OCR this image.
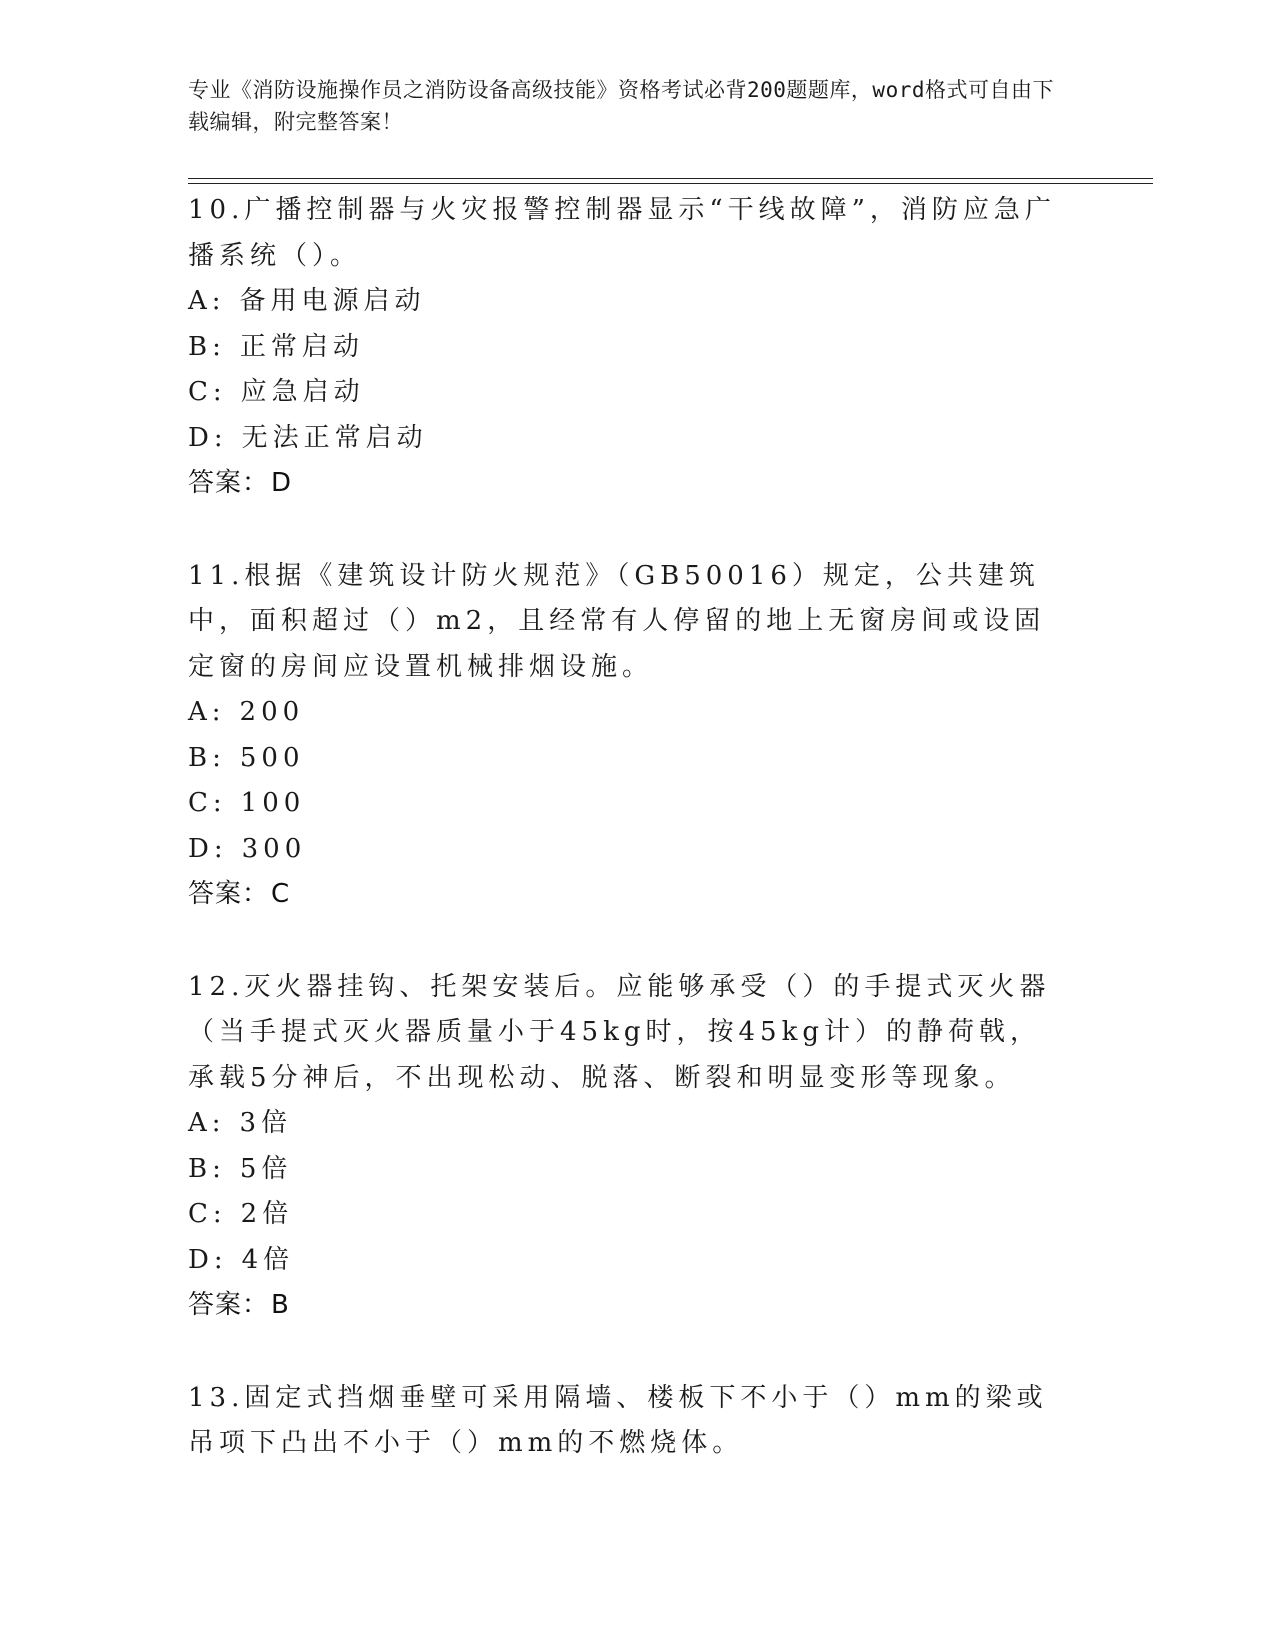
专业《消防设施操作员之消防设备高级技能》资格考试必背200题题库，word格式可自由下载编辑，附完整答案！

10.广播控制器与火灾报警控制器显示“干线故障”，消防应急广播系统（）。

A: 备用电源启动
B: 正常启动
C: 应急启动
D: 无法正常启动
答案： D

11.根据《建筑设计防火规范》（GB50016）规定，公共建筑中，面积超过（）m2，且经常有人停留的地上无窗房间或设固定窗的房间应设置机械排烟设施。

A: 200
B: 500
C: 100
D: 300
答案： C

12.灭火器挂钩、托架安装后。应能够承受（）的手提式灭火器（当手提式灭火器质量小于45kg时，按45kg计）的静荷戟，承载5分神后，不出现松动、脱落、断裂和明显变形等现象。

A: 3倍
B: 5倍
C: 2倍
D: 4倍
答案： B

13.固定式挡烟垂壁可采用隔墙、楼板下不小于（）mm的梁或吊项下凸出不小于（）mm的不燃烧体。
